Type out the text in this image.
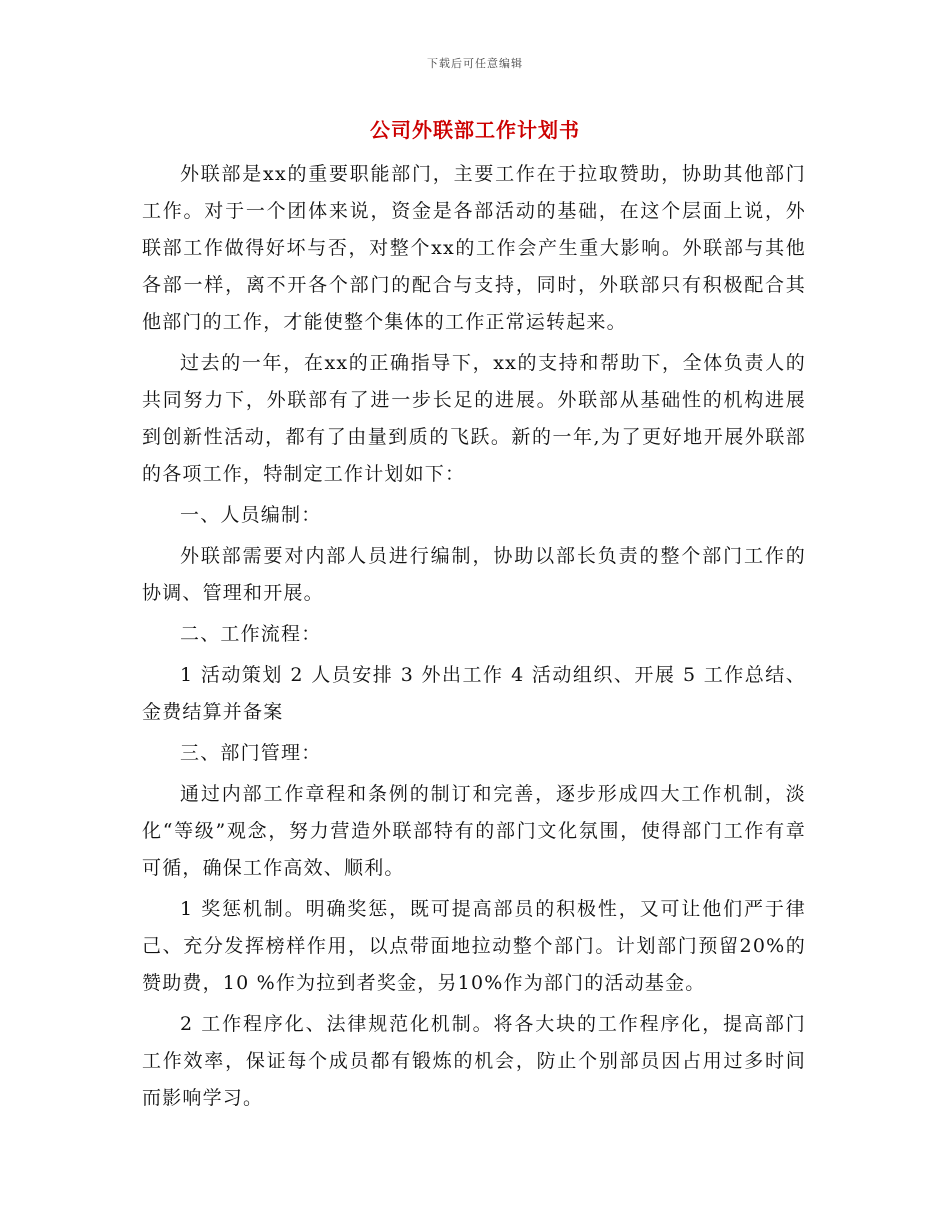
下载后可任意编辑
公司外联部工作计划书

外联部是xx的重要职能部门，主要工作在于拉取赞助，协助其他部门工作。对于一个团体来说，资金是各部活动的基础，在这个层面上说，外联部工作做得好坏与否，对整个xx的工作会产生重大影响。外联部与其他各部一样，离不开各个部门的配合与支持，同时，外联部只有积极配合其他部门的工作，才能使整个集体的工作正常运转起来。

过去的一年，在xx的正确指导下，xx的支持和帮助下，全体负责人的共同努力下，外联部有了进一步长足的进展。外联部从基础性的机构进展到创新性活动，都有了由量到质的飞跃。新的一年,为了更好地开展外联部的各项工作，特制定工作计划如下：

一、人员编制：

外联部需要对内部人员进行编制，协助以部长负责的整个部门工作的协调、管理和开展。

二、工作流程：

1 活动策划 2 人员安排 3 外出工作 4 活动组织、开展 5 工作总结、金费结算并备案

三、部门管理：

通过内部工作章程和条例的制订和完善，逐步形成四大工作机制，淡化“等级”观念，努力营造外联部特有的部门文化氛围，使得部门工作有章可循，确保工作高效、顺利。

1 奖惩机制。明确奖惩，既可提高部员的积极性，又可让他们严于律己、充分发挥榜样作用，以点带面地拉动整个部门。计划部门预留20%的赞助费，10 %作为拉到者奖金，另10%作为部门的活动基金。

2 工作程序化、法律规范化机制。将各大块的工作程序化，提高部门工作效率，保证每个成员都有锻炼的机会，防止个别部员因占用过多时间而影响学习。
